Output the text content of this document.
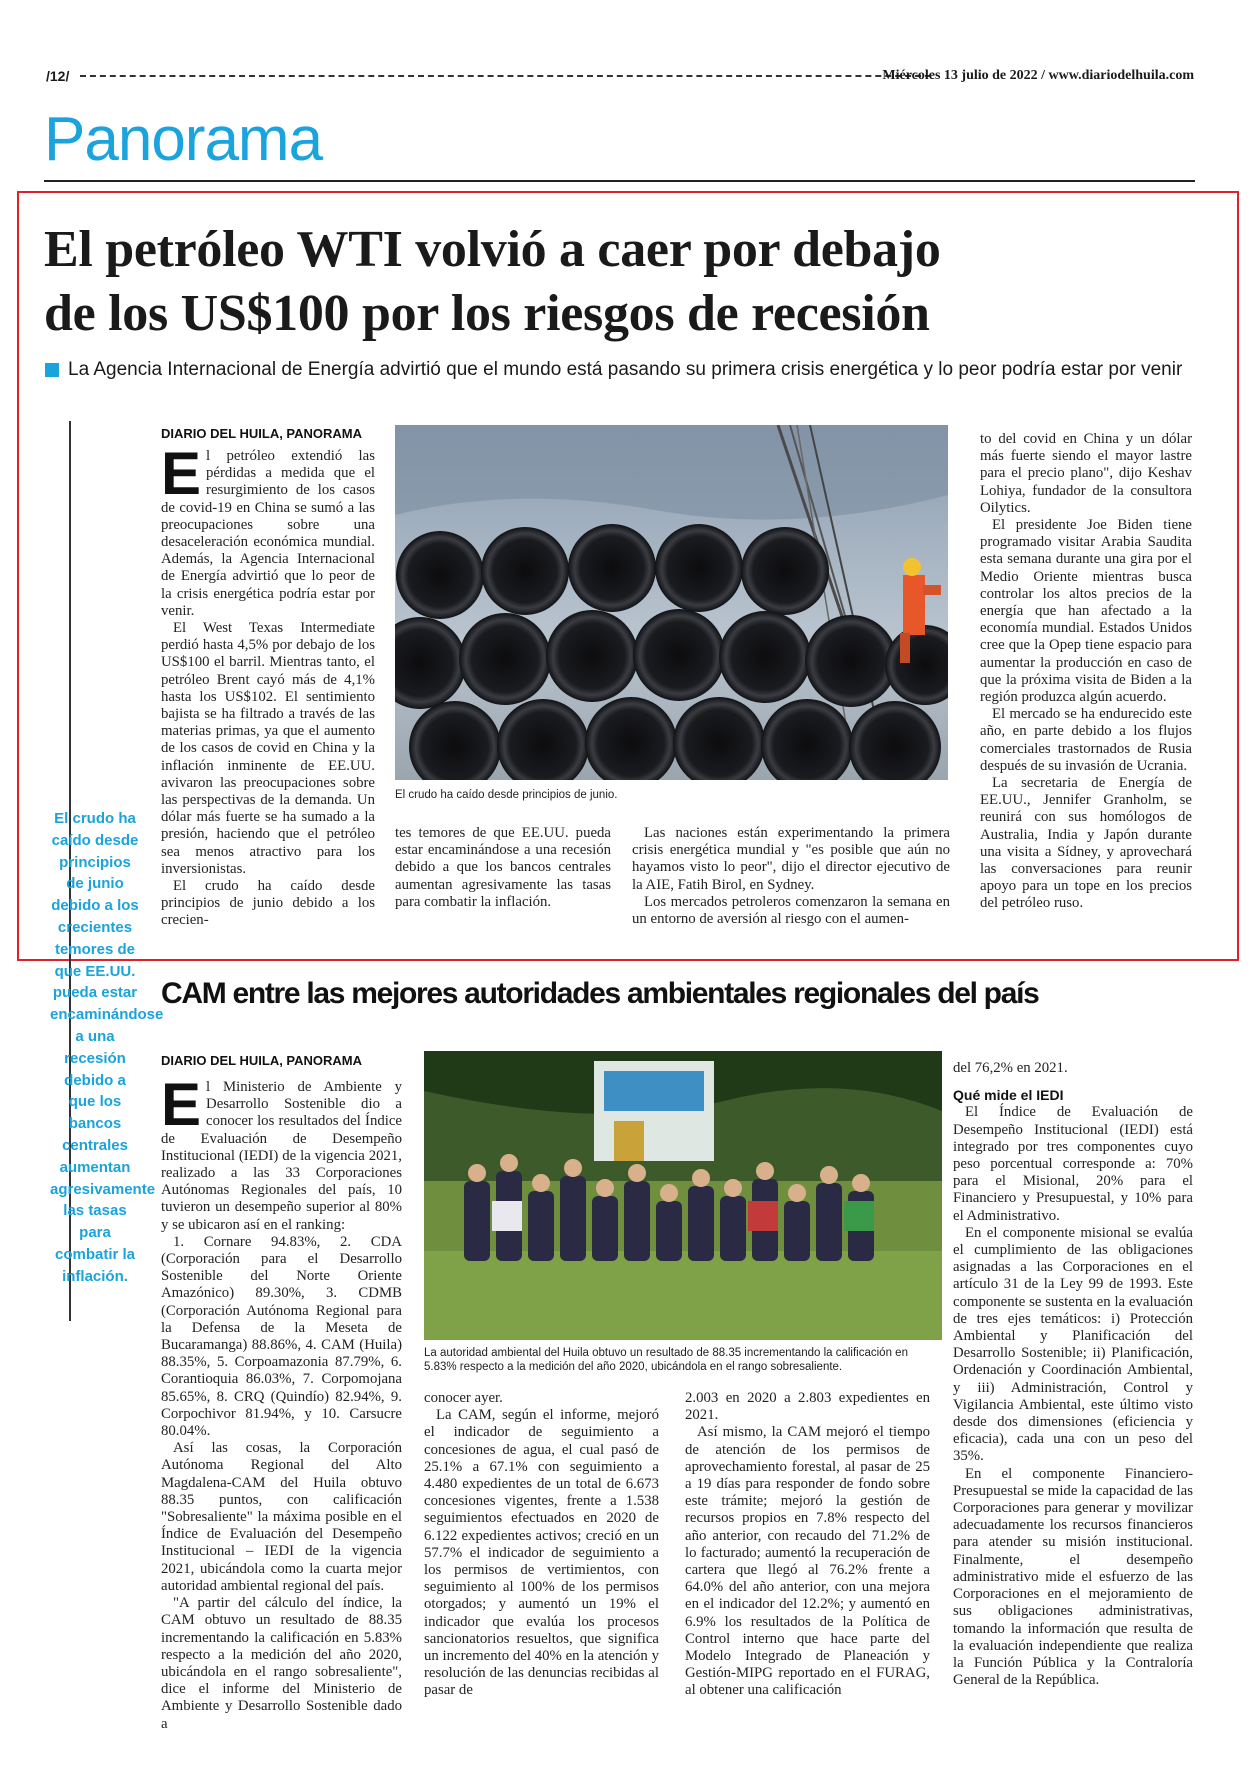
/12/	Miércoles 13 julio de 2022 / www.diariodelhuila.com
Panorama
El petróleo WTI volvió a caer por debajo
de los US$100 por los riesgos de recesión
La Agencia Internacional de Energía advirtió que el mundo está pasando su primera crisis energética y lo peor podría estar por venir
El crudo ha caído desde principios de junio debido a los crecientes temores de que EE.UU. pueda estar encaminándose a una recesión debido a que los bancos centrales aumentan agresivamente las tasas para combatir la inflación.
DIARIO DEL HUILA, PANORAMA
E l petróleo extendió las pérdidas a medida que el resurgimiento de los casos de covid-19 en China se sumó a las preocupaciones sobre una desaceleración económica mundial. Además, la Agencia Internacional de Energía advirtió que lo peor de la crisis energética podría estar por venir.

El West Texas Intermediate perdió hasta 4,5% por debajo de los US$100 el barril. Mientras tanto, el petróleo Brent cayó más de 4,1% hasta los US$102. El sentimiento bajista se ha filtrado a través de las materias primas, ya que el aumento de los casos de covid en China y la inflación inminente de EE.UU. avivaron las preocupaciones sobre las perspectivas de la demanda. Un dólar más fuerte se ha sumado a la presión, haciendo que el petróleo sea menos atractivo para los inversionistas.

El crudo ha caído desde principios de junio debido a los crecien-

El crudo ha caído desde principios de junio.

tes temores de que EE.UU. pueda estar encaminándose a una recesión debido a que los bancos centrales aumentan agresivamente las tasas para combatir la inflación.

Las naciones están experimentando la primera crisis energética mundial y "es posible que aún no hayamos visto lo peor", dijo el director ejecutivo de la AIE, Fatih Birol, en Sydney.

Los mercados petroleros comenzaron la semana en un entorno de aversión al riesgo con el aumen-

to del covid en China y un dólar más fuerte siendo el mayor lastre para el precio plano", dijo Keshav Lohiya, fundador de la consultora Oilytics.

El presidente Joe Biden tiene programado visitar Arabia Saudita esta semana durante una gira por el Medio Oriente mientras busca controlar los altos precios de la energía que han afectado a la economía mundial. Estados Unidos cree que la Opep tiene espacio para aumentar la producción en caso de que la próxima visita de Biden a la región produzca algún acuerdo.

El mercado se ha endurecido este año, en parte debido a los flujos comerciales trastornados de Rusia después de su invasión de Ucrania.

La secretaria de Energía de EE.UU., Jennifer Granholm, se reunirá con sus homólogos de Australia, India y Japón durante una visita a Sídney, y aprovechará las conversaciones para reunir apoyo para un tope en los precios del petróleo ruso.

CAM entre las mejores autoridades ambientales regionales del país
DIARIO DEL HUILA, PANORAMA
E l Ministerio de Ambiente y Desarrollo Sostenible dio a conocer los resultados del Índice de Evaluación de Desempeño Institucional (IEDI) de la vigencia 2021, realizado a las 33 Corporaciones Autónomas Regionales del país, 10 tuvieron un desempeño superior al 80% y se ubicaron así en el ranking:

1. Cornare 94.83%, 2. CDA (Corporación para el Desarrollo Sostenible del Norte Oriente Amazónico) 89.30%, 3. CDMB (Corporación Autónoma Regional para la Defensa de la Meseta de Bucaramanga) 88.86%, 4. CAM (Huila) 88.35%, 5. Corpoamazonia 87.79%, 6. Corantioquia 86.03%, 7. Corpomojana 85.65%, 8. CRQ (Quindío) 82.94%, 9. Corpochivor 81.94%, y 10. Carsucre 80.04%.

Así las cosas, la Corporación Autónoma Regional del Alto Magdalena-CAM del Huila obtuvo 88.35 puntos, con calificación "Sobresaliente" la máxima posible en el Índice de Evaluación del Desempeño Institucional – IEDI de la vigencia 2021, ubicándola como la cuarta mejor autoridad ambiental regional del país.

"A partir del cálculo del índice, la CAM obtuvo un resultado de 88.35 incrementando la calificación en 5.83% respecto a la medición del año 2020, ubicándola en el rango sobresaliente", dice el informe del Ministerio de Ambiente y Desarrollo Sostenible dado a

La autoridad ambiental del Huila obtuvo un resultado de 88.35 incrementando la calificación en 5.83% respecto a la medición del año 2020, ubicándola en el rango sobresaliente.

conocer ayer.

La CAM, según el informe, mejoró el indicador de seguimiento a concesiones de agua, el cual pasó de 25.1% a 67.1% con seguimiento a 4.480 expedientes de un total de 6.673 concesiones vigentes, frente a 1.538 seguimientos efectuados en 2020 de 6.122 expedientes activos; creció en un 57.7% el indicador de seguimiento a los permisos de vertimientos, con seguimiento al 100% de los permisos otorgados; y aumentó un 19% el indicador que evalúa los procesos sancionatorios resueltos, que significa un incremento del 40% en la atención y resolución de las denuncias recibidas al pasar de

2.003 en 2020 a 2.803 expedientes en 2021.

Así mismo, la CAM mejoró el tiempo de atención de los permisos de aprovechamiento forestal, al pasar de 25 a 19 días para responder de fondo sobre este trámite; mejoró la gestión de recursos propios en 7.8% respecto del año anterior, con recaudo del 71.2% de lo facturado; aumentó la recuperación de cartera que llegó al 76.2% frente a 64.0% del año anterior, con una mejora en el indicador del 12.2%; y aumentó en 6.9% los resultados de la Política de Control interno que hace parte del Modelo Integrado de Planeación y Gestión-MIPG reportado en el FURAG, al obtener una calificación

del 76,2% en 2021.

Qué mide el IEDI

El Índice de Evaluación de Desempeño Institucional (IEDI) está integrado por tres componentes cuyo peso porcentual corresponde a: 70% para el Misional, 20% para el Financiero y Presupuestal, y 10% para el Administrativo.

En el componente misional se evalúa el cumplimiento de las obligaciones asignadas a las Corporaciones en el artículo 31 de la Ley 99 de 1993. Este componente se sustenta en la evaluación de tres ejes temáticos: i) Protección Ambiental y Planificación del Desarrollo Sostenible; ii) Planificación, Ordenación y Coordinación Ambiental, y iii) Administración, Control y Vigilancia Ambiental, este último visto desde dos dimensiones (eficiencia y eficacia), cada una con un peso del 35%.

En el componente Financiero-Presupuestal se mide la capacidad de las Corporaciones para generar y movilizar adecuadamente los recursos financieros para atender su misión institucional. Finalmente, el desempeño administrativo mide el esfuerzo de las Corporaciones en el mejoramiento de sus obligaciones administrativas, tomando la información que resulta de la evaluación independiente que realiza la Función Pública y la Contraloría General de la República.
